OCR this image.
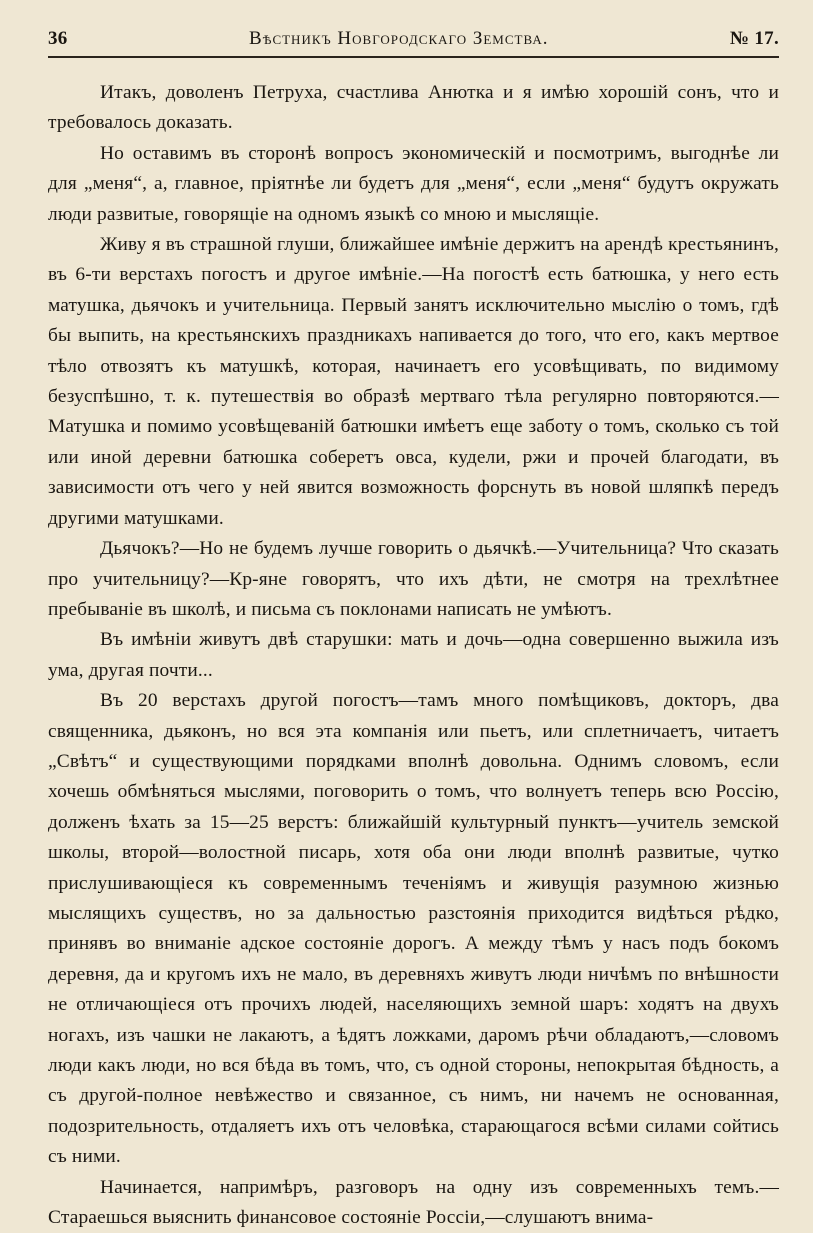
36	Вѣстникъ Новгородскаго Земства.	№ 17.

Итакъ, доволенъ Петруха, счастлива Анютка и я имѣю хорошій сонъ, что и требовалось доказать.

Но оставимъ въ сторонѣ вопросъ экономическій и посмотримъ, выгоднѣе ли для „меня“, а, главное, пріятнѣе ли будетъ для „меня“, если „меня“ будутъ окружать люди развитые, говорящіе на одномъ языкѣ со мною и мыслящіе.

Живу я въ страшной глуши, ближайшее имѣніе держитъ на арендѣ крестьянинъ, въ 6-ти верстахъ погостъ и другое имѣніе.—На погостѣ есть батюшка, у него есть матушка, дьячокъ и учительница. Первый занятъ исключительно мыслію о томъ, гдѣ бы выпить, на крестьянскихъ праздникахъ напивается до того, что его, какъ мертвое тѣло отвозятъ къ матушкѣ, которая, начинаетъ его усовѣщивать, по видимому безуспѣшно, т. к. путешествія во образѣ мертваго тѣла регулярно повторяются.—Матушка и помимо усовѣщеваній батюшки имѣетъ еще заботу о томъ, сколько съ той или иной деревни батюшка соберетъ овса, кудели, ржи и прочей благодати, въ зависимости отъ чего у ней явится возможность форснуть въ новой шляпкѣ передъ другими матушками.

Дьячокъ?—Но не будемъ лучше говорить о дьячкѣ.—Учительница? Что сказать про учительницу?—Кр-яне говорятъ, что ихъ дѣти, не смотря на трехлѣтнее пребываніе въ школѣ, и письма съ поклонами написать не умѣютъ.

Въ имѣніи живутъ двѣ старушки: мать и дочь—одна совершенно выжила изъ ума, другая почти...

Въ 20 верстахъ другой погостъ—тамъ много помѣщиковъ, докторъ, два священника, дьяконъ, но вся эта компанія или пьетъ, или сплетничаетъ, читаетъ „Свѣтъ“ и существующими порядками вполнѣ довольна. Однимъ словомъ, если хочешь обмѣняться мыслями, поговорить о томъ, что волнуетъ теперь всю Россію, долженъ ѣхать за 15—25 верстъ: ближайшій культурный пунктъ—учитель земской школы, второй—волостной писарь, хотя оба они люди вполнѣ развитые, чутко прислушивающіеся къ современнымъ теченіямъ и живущія разумною жизнью мыслящихъ существъ, но за дальностью разстоянія приходится видѣться рѣдко, принявъ во вниманіе адское состояніе дорогъ. А между тѣмъ у насъ подъ бокомъ деревня, да и кругомъ ихъ не мало, въ деревняхъ живутъ люди ничѣмъ по внѣшности не отличающіеся отъ прочихъ людей, населяющихъ земной шаръ: ходятъ на двухъ ногахъ, изъ чашки не лакаютъ, а ѣдятъ ложками, даромъ рѣчи обладаютъ,—словомъ люди какъ люди, но вся бѣда въ томъ, что, съ одной стороны, непокрытая бѣдность, а съ другой-полное невѣжество и связанное, съ нимъ, ни начемъ не основанная, подозрительность, отдаляетъ ихъ отъ человѣка, старающагося всѣми силами сойтись съ ними.

Начинается, напримѣръ, разговоръ на одну изъ современныхъ темъ.—Стараешься выяснить финансовое состояніе Россіи,—слушаютъ внима-
